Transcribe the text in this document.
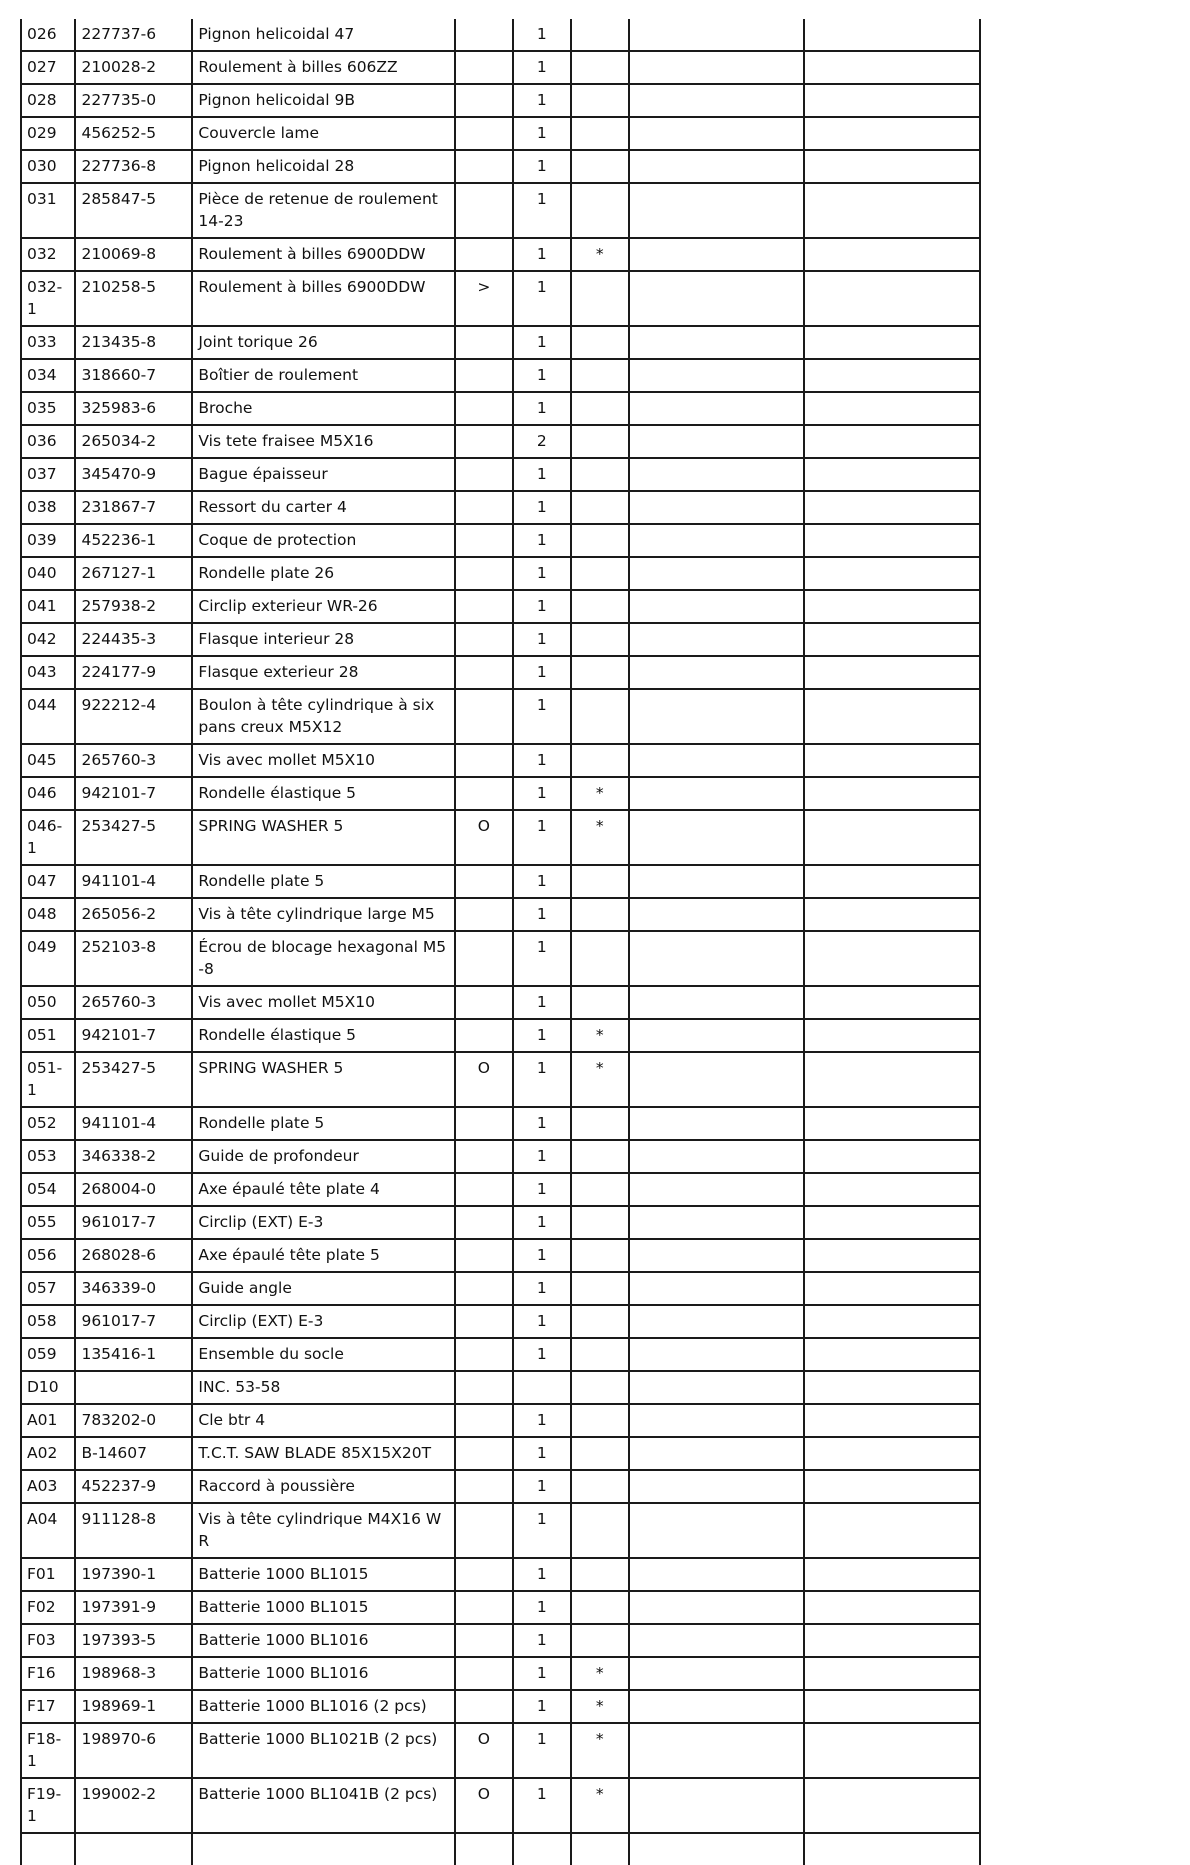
026	227737-6	Pignon helicoidal 47		1			
027	210028-2	Roulement à billes 606ZZ		1			
028	227735-0	Pignon helicoidal 9B		1			
029	456252-5	Couvercle lame		1			
030	227736-8	Pignon helicoidal 28		1			
031	285847-5	Pièce de retenue de roulement 14-23		1			
032	210069-8	Roulement à billes 6900DDW		1	*		
032-1	210258-5	Roulement à billes 6900DDW	>	1			
033	213435-8	Joint torique 26		1			
034	318660-7	Boîtier de roulement		1			
035	325983-6	Broche		1			
036	265034-2	Vis tete fraisee M5X16		2			
037	345470-9	Bague épaisseur		1			
038	231867-7	Ressort du carter 4		1			
039	452236-1	Coque de protection		1			
040	267127-1	Rondelle plate 26		1			
041	257938-2	Circlip exterieur WR-26		1			
042	224435-3	Flasque interieur 28		1			
043	224177-9	Flasque exterieur 28		1			
044	922212-4	Boulon à tête cylindrique à six pans creux M5X12		1			
045	265760-3	Vis avec mollet M5X10		1			
046	942101-7	Rondelle élastique 5		1	*		
046-1	253427-5	SPRING WASHER 5	O	1	*		
047	941101-4	Rondelle plate 5		1			
048	265056-2	Vis à tête cylindrique large M5		1			
049	252103-8	Écrou de blocage hexagonal M5-8		1			
050	265760-3	Vis avec mollet M5X10		1			
051	942101-7	Rondelle élastique 5		1	*		
051-1	253427-5	SPRING WASHER 5	O	1	*		
052	941101-4	Rondelle plate 5		1			
053	346338-2	Guide de profondeur		1			
054	268004-0	Axe épaulé tête plate 4		1			
055	961017-7	Circlip (EXT) E-3		1			
056	268028-6	Axe épaulé tête plate 5		1			
057	346339-0	Guide angle		1			
058	961017-7	Circlip (EXT) E-3		1			
059	135416-1	Ensemble du socle		1			
D10		INC. 53-58					
A01	783202-0	Cle btr 4		1			
A02	B-14607	T.C.T. SAW BLADE 85X15X20T		1			
A03	452237-9	Raccord à poussière		1			
A04	911128-8	Vis à tête cylindrique M4X16 WR		1			
F01	197390-1	Batterie 1000 BL1015		1			
F02	197391-9	Batterie 1000 BL1015		1			
F03	197393-5	Batterie 1000 BL1016		1			
F16	198968-3	Batterie 1000 BL1016		1	*		
F17	198969-1	Batterie 1000 BL1016 (2 pcs)		1	*		
F18-1	198970-6	Batterie 1000 BL1021B (2 pcs)	O	1	*		
F19-1	199002-2	Batterie 1000 BL1041B (2 pcs)	O	1	*		
